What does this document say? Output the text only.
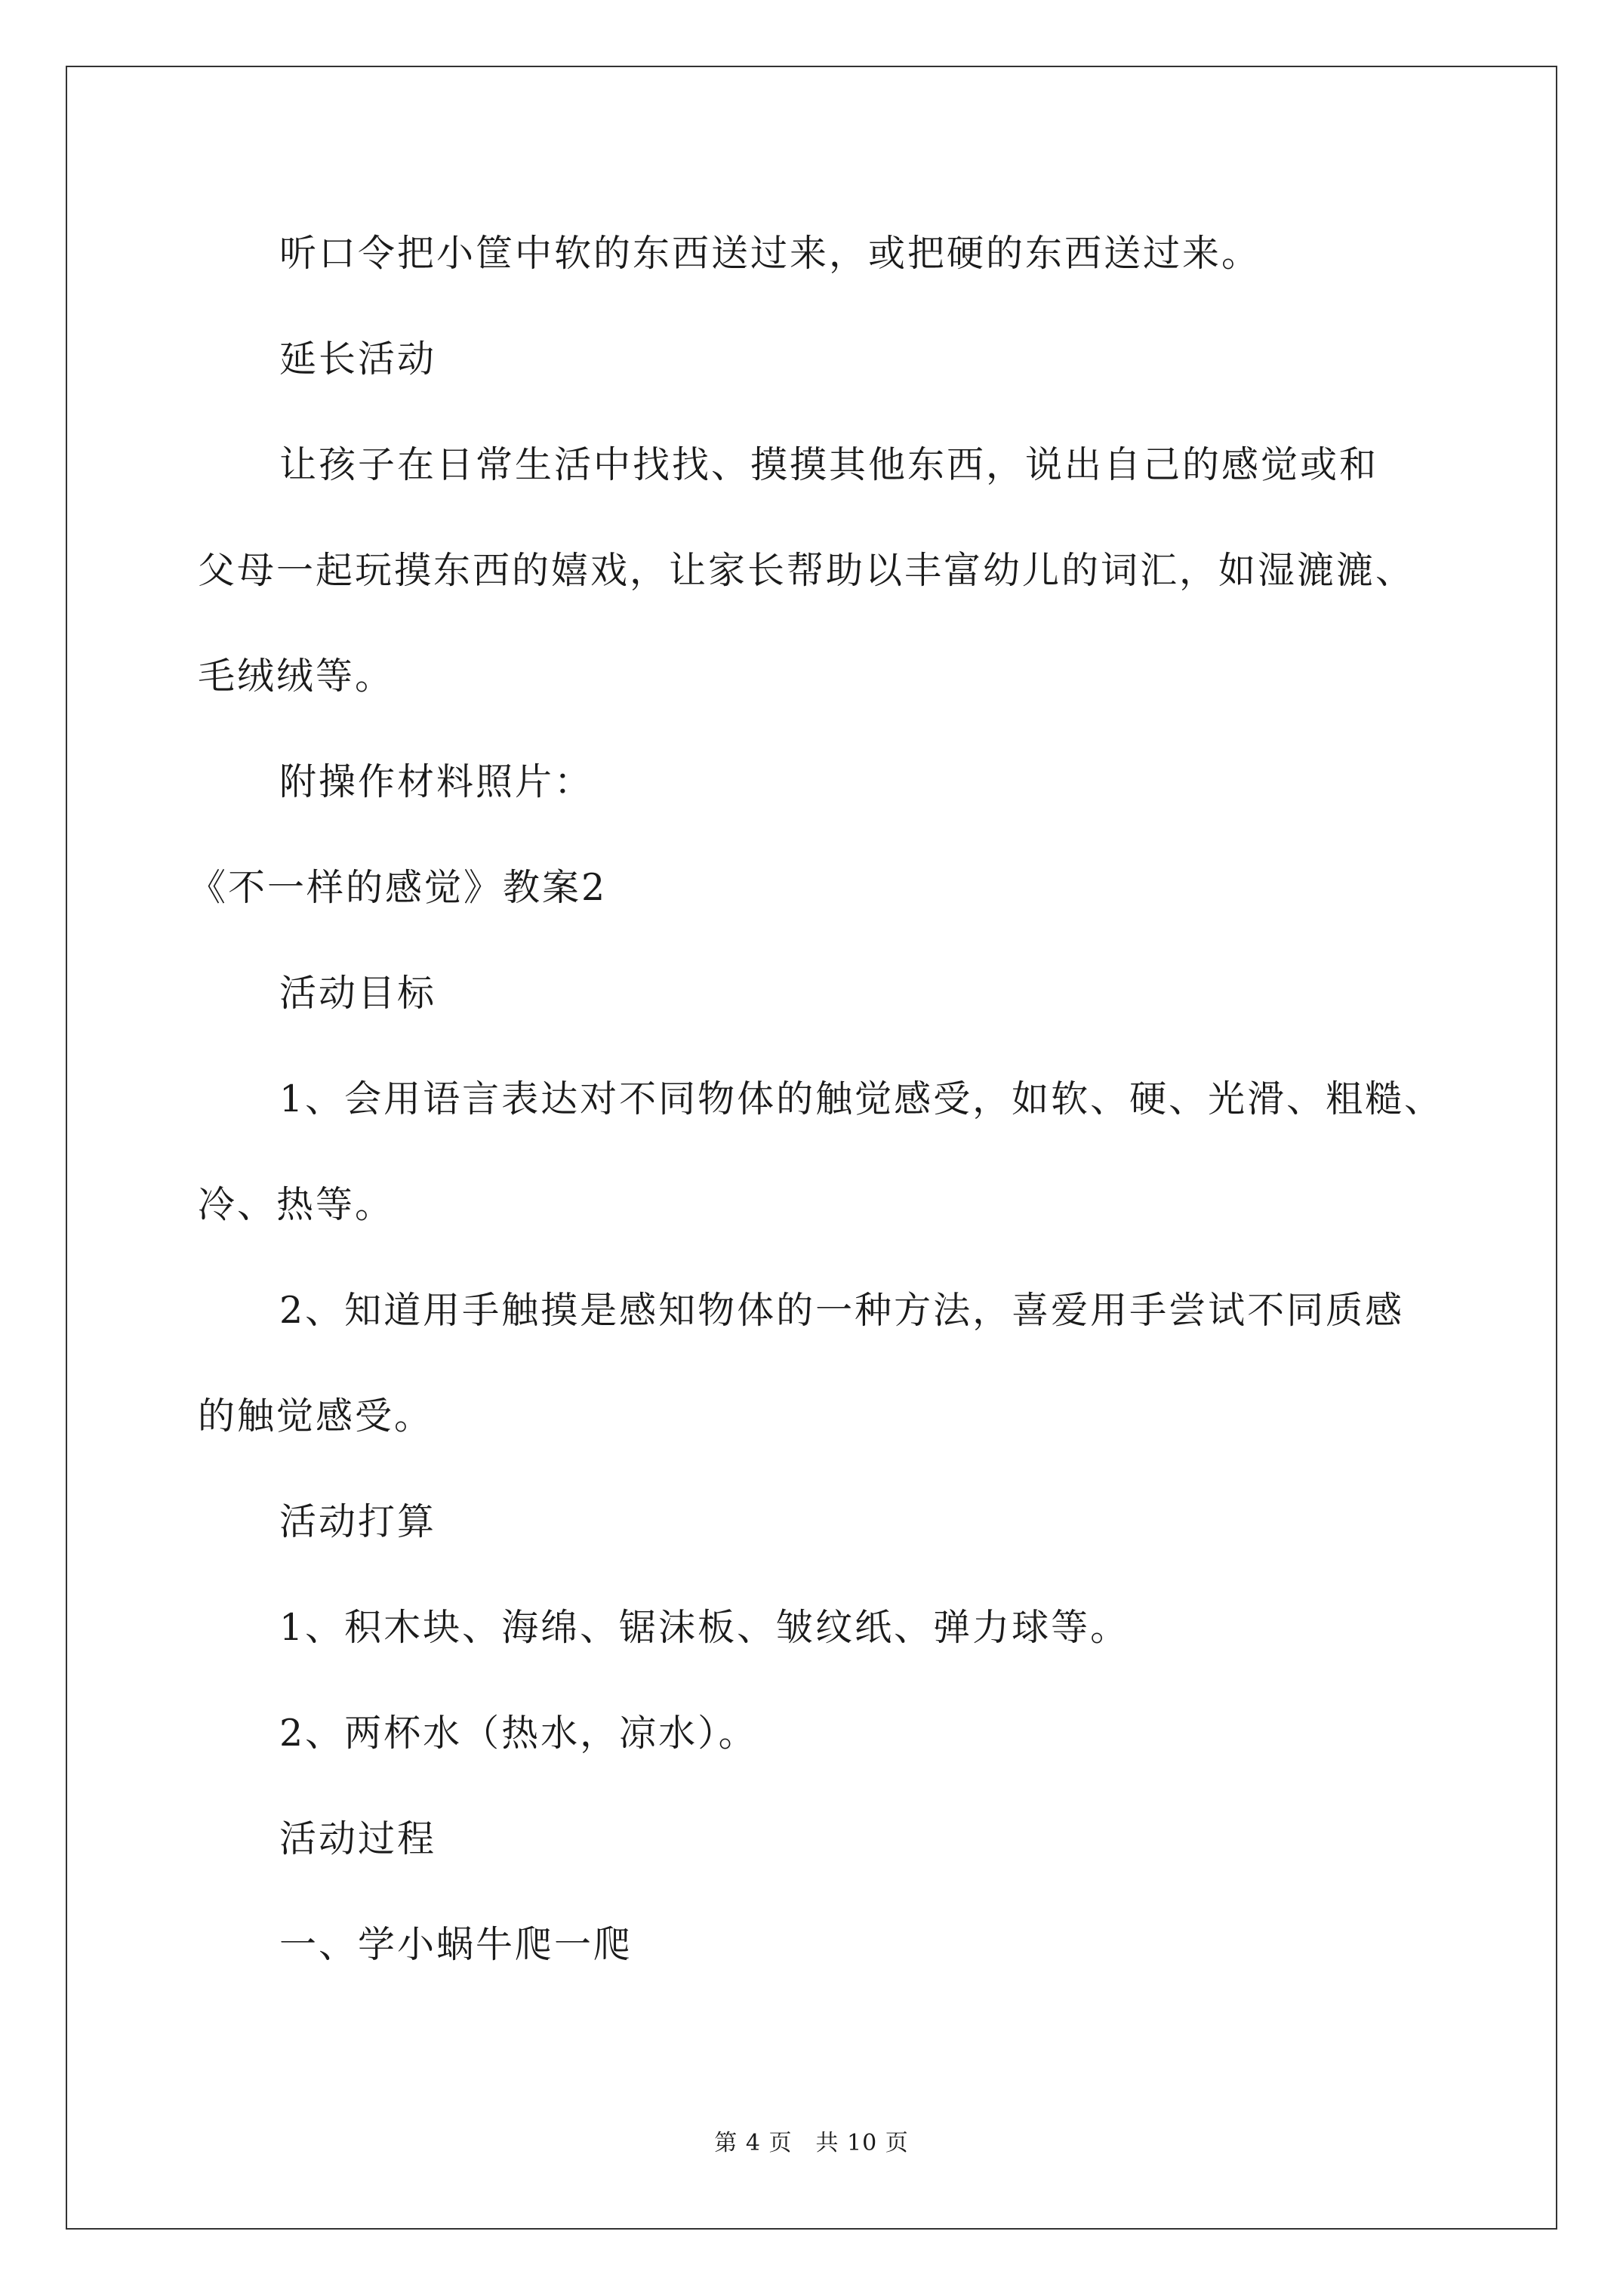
听口令把小筐中软的东西送过来，或把硬的东西送过来。
延长活动
让孩子在日常生活中找找、摸摸其他东西，说出自己的感觉或和
父母一起玩摸东西的嬉戏，让家长帮助以丰富幼儿的词汇，如湿漉漉、
毛绒绒等。
附操作材料照片：
《不一样的感觉》教案2
活动目标
1、会用语言表达对不同物体的触觉感受，如软、硬、光滑、粗糙、
冷、热等。
2、知道用手触摸是感知物体的一种方法，喜爱用手尝试不同质感
的触觉感受。
活动打算
1、积木块、海绵、锯沫板、皱纹纸、弹力球等。
2、两杯水（热水，凉水）。
活动过程
一、学小蜗牛爬一爬
第 4 页　共 10 页
